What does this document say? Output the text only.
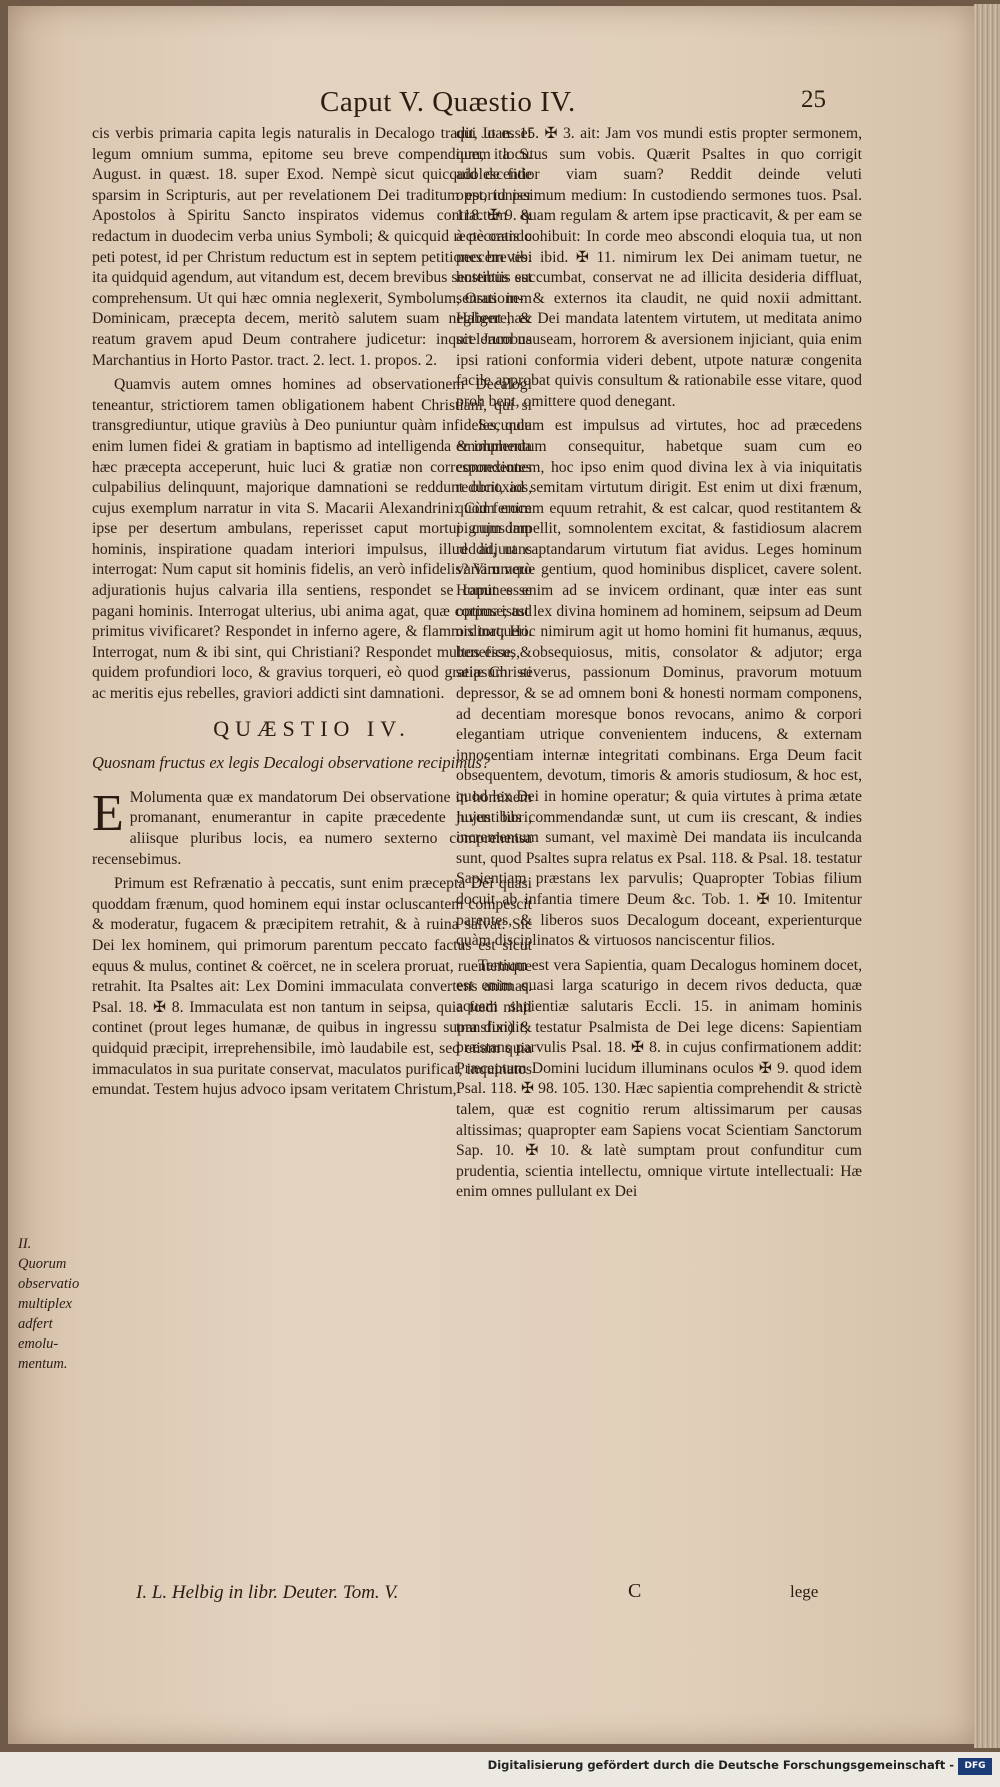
Caput V. Quæstio IV.	25

cis verbis primaria capita legis naturalis in Decalogo tradit, ut esset legum omnium summa, epitome seu breve compendium, ita S. August. in quæst. 18. super Exod. Nempè sicut quicquid de fide sparsim in Scripturis, aut per revelationem Dei traditum est, id per Apostolos à Spiritu Sancto inspiratos videmus contractum & redactum in duodecim verba unius Symboli; & quicquid rectè orando peti potest, id per Christum reductum est in septem petitiones breves: ita quidquid agendum, aut vitandum est, decem brevibus sententiis est comprehensum. Ut qui hæc omnia neglexerit, Symbolum, Orationem Dominicam, præcepta decem, meritò salutem suam negligere, & reatum gravem apud Deum contrahere judicetur: inquit Jacobus Marchantius in Horto Pastor. tract. 2. lect. 1. propos. 2.

Quamvis autem omnes homines ad observationem Decalogi teneantur, strictiorem tamen obligationem habent Christiani, qui si transgrediuntur, utique graviùs à Deo puniuntur quàm infideles, quia enim lumen fidei & gratiam in baptismo ad intelligenda & implenda hæc præcepta acceperunt, huic luci & gratiæ non correspondentes culpabilius delinquunt, majorique damnationi se reddunt obnoxios, cujus exemplum narratur in vita S. Macarii Alexandrini: Cùm enim ipse per desertum ambulans, reperisset caput mortui cujusdam hominis, inspiratione quadam interiori impulsus, illud adjurans interrogat: Num caput sit hominis fidelis, an verò infidelis? Vim verò adjurationis hujus calvaria illa sentiens, respondet se caput esse pagani hominis. Interrogat ulterius, ubi anima agat, quæ corpus istud primitus vivificaret? Respondet in inferno agere, & flammis torqueri. Interrogat, num & ibi sint, qui Christiani? Respondet multos esse, & quidem profundiori loco, & gravius torqueri, eò quod gratiæ Christi ac meritis ejus rebelles, graviori addicti sint damnationi.

QUÆSTIO IV.
Quosnam fructus ex legis Decalogi observatione recipimus?

E Molumenta quæ ex mandatorum Dei observatione in hominem promanant, enumerantur in capite præcedente hujus libri, aliisque pluribus locis, ea numero sexterno comprehensa recensebimus.

Primum est Refrænatio à peccatis, sunt enim præcepta Dei quasi quoddam frænum, quod hominem equi instar ocluscantem compescit & moderatur, fugacem & præcipitem retrahit, & à ruina salvat: Sic Dei lex hominem, qui primorum parentum peccato factus est sicut equus & mulus, continet & coërcet, ne in scelera proruat, ruentemque retrahit. Ita Psaltes ait: Lex Domini immaculata convertens animas. Psal. 18. ✠ 8. Immaculata est non tantum in seipsa, quia fœdi nihil continet (prout leges humanæ, de quibus in ingressu supra dixi) & quidquid præcipit, irreprehensibile, imò laudabile est, sed etiam quia immaculatos in sua puritate conservat, maculatos purificat, inquinatos emundat. Testem hujus advoco ipsam veritatem Christum,

II.
Quorum
observatio
multiplex
adfert
emolu-
mentum.

qui Joan. 15. ✠ 3. ait: Jam vos mundi estis propter sermonem, quem locutus sum vobis. Quærit Psaltes in quo corrigit adolescentior viam suam? Reddit deinde veluti opportunissimum medium: In custodiendo sermones tuos. Psal. 118. ✠ 9. quam regulam & artem ipse practicavit, & per eam se à peccatis cohibuit: In corde meo abscondi eloquia tua, ut non peccem tibi ibid. ✠ 11. nimirum lex Dei animam tuetur, ne hostibus succumbat, conservat ne ad illicita desideria diffluat, sensus in- & externos ita claudit, ne quid noxii admittant. Habent hæc Dei mandata latentem virtutem, ut meditata animo scelerum nauseam, horrorem & aversionem injiciant, quia enim ipsi rationi conformia videri debent, utpote naturæ congenita facile approbat quivis consultum & rationabile esse vitare, quod proh bent, omittere quod denegant.

Secundum est impulsus ad virtutes, hoc ad præcedens emolumentum consequitur, habetque suam cum eo connexionem, hoc ipso enim quod divina lex à via iniquitatis reducit, ad semitam virtutum dirigit. Est enim ut dixi frænum, quod ferocem equum retrahit, & est calcar, quod restitantem & pigrum impellit, somnolentem excitat, & fastidiosum alacrem reddit, ut captandarum virtutum fiat avidus. Leges hominum variarumque gentium, quod hominibus displicet, cavere solent. Homines enim ad se invicem ordinant, quæ inter eas sunt optimæ; ast lex divina hominem ad hominem, seipsum ad Deum ordinat; Hoc nimirum agit ut homo homini fit humanus, æquus, beneficus, obsequiosus, mitis, consolator & adjutor; erga seipsum severus, passionum Dominus, pravorum motuum depressor, & se ad omnem boni & honesti normam componens, ad decentiam moresque bonos revocans, animo & corpori elegantiam utrique convenientem inducens, & externam innocentiam internæ integritati combinans. Erga Deum facit obsequentem, devotum, timoris & amoris studiosum, & hoc est, quod lex Dei in homine operatur; & quia virtutes à prima ætate juventibus commendandæ sunt, ut cum iis crescant, & indies incrementum sumant, vel maximè Dei mandata iis inculcanda sunt, quod Psaltes supra relatus ex Psal. 118. & Psal. 18. testatur Sapientiam præstans lex parvulis; Quapropter Tobias filium docuit ab infantia timere Deum &c. Tob. 1. ✠ 10. Imitentur parentes, & liberos suos Decalogum doceant, experienturque quàm disciplinatos & virtuosos nanciscentur filios.

Tertium est vera Sapientia, quam Decalogus hominem docet, est enim quasi larga scaturigo in decem rivos deducta, quæ aquam sapientiæ salutaris Eccli. 15. in animam hominis transfundit; testatur Psalmista de Dei lege dicens: Sapientiam præstans parvulis Psal. 18. ✠ 8. in cujus confirmationem addit: Præceptum Domini lucidum illuminans oculos ✠ 9. quod idem Psal. 118. ✠ 98. 105. 130. Hæc sapientia comprehendit & strictè talem, quæ est cognitio rerum altissimarum per causas altissimas; quapropter eam Sapiens vocat Scientiam Sanctorum Sap. 10. ✠ 10. & latè sumptam prout confunditur cum prudentia, scientia intellectu, omnique virtute intellectuali: Hæ enim omnes pullulant ex Dei

I. L. Helbig in libr. Deuter. Tom. V.	C	lege
Digitalisierung gefördert durch die Deutsche Forschungsgemeinschaft -	DFG
